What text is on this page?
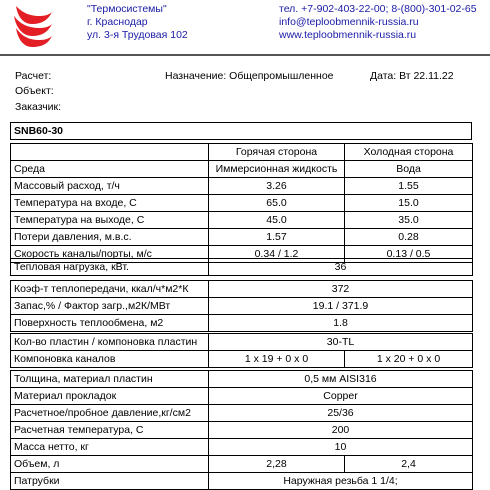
"Термосистемы"
г. Краснодар
ул. 3-я Трудовая 102
тел. +7-902-403-22-00; 8-(800)-301-02-65
info@teploobmennik-russia.ru
www.teploobmennik-russia.ru
Расчет:	Назначение: Общепромышленное	Дата: Вт 22.11.22
Объект:
Заказчик:
SNB60-30
	Горячая сторона	Холодная сторона
Среда	Иммерсионная жидкость	Вода
Массовый расход, т/ч	3.26	1.55
Температура на входе, С	65.0	15.0
Температура на выходе, С	45.0	35.0
Потери давления, м.в.с.	1.57	0.28
Скорость каналы/порты, м/с	0.34 / 1.2	0.13 / 0.5
Тепловая нагрузка, кВт.	36
Коэф-т теплопередачи, ккал/ч*м2*К	372
Запас,% / Фактор загр.,м2К/МВт	19.1 / 371.9
Поверхность теплообмена, м2	1.8
Кол-во пластин / компоновка пластин	30-TL	
Компоновка каналов	1 x 19 + 0 x 0	1 x 20 + 0 x 0
Толщина, материал пластин	0,5 мм AISI316	
Материал прокладок	Copper	
Расчетное/пробное давление,кг/см2	25/36	
Расчетная температура, С	200	
Масса нетто, кг	10	
Объем, л	2,28	2,4
Патрубки	Наружная резьба 1 1/4;	
